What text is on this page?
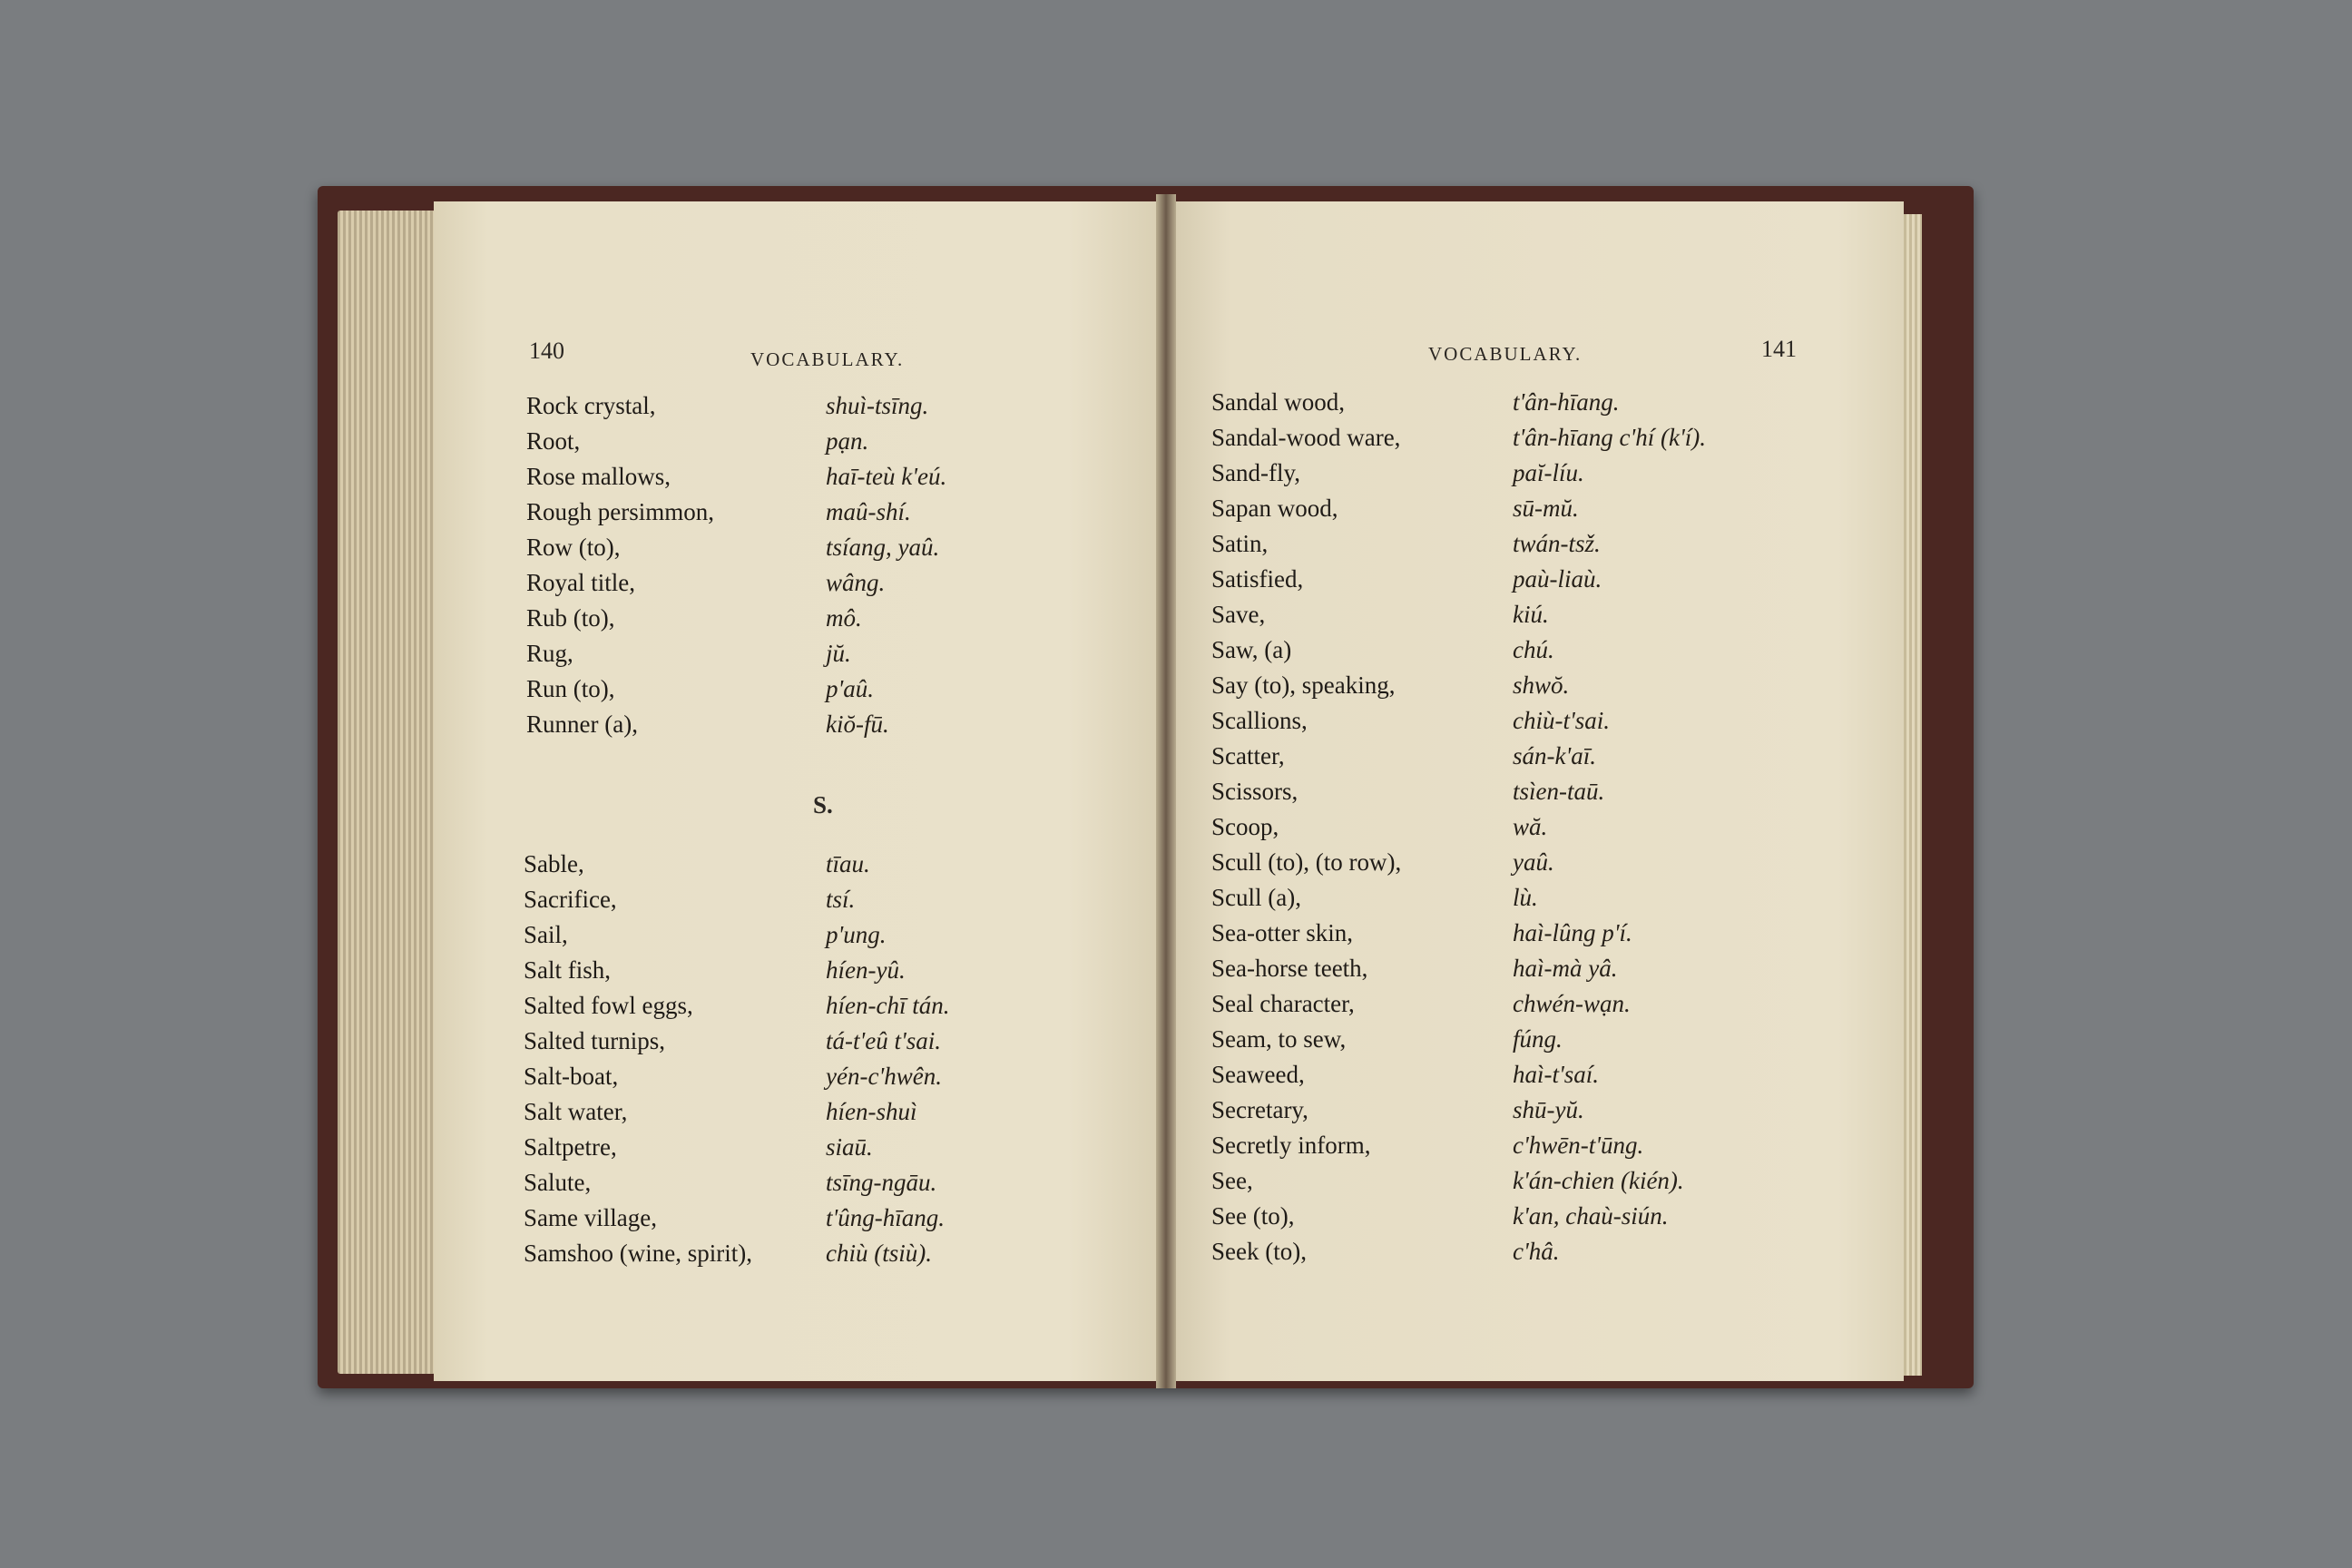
140	VOCABULARY.	VOCABULARY.	141
Rock crystal,	shuì-tsīng.
Root,	pạn.
Rose mallows,	haī-teù k'eú.
Rough persimmon,	maû-shí.
Row (to),	tsíang, yaû.
Royal title,	wâng.
Rub (to),	mô.
Rug,	jŭ.
Run (to),	p'aû.
Runner (a),	kiŏ-fū.
S.
Sable,	tīau.
Sacrifice,	tsí.
Sail,	p'ung.
Salt fish,	híen-yû.
Salted fowl eggs,	híen-chī tán.
Salted turnips,	tá-t'eû t'sai.
Salt-boat,	yén-c'hwên.
Salt water,	híen-shuì
Saltpetre,	siaū.
Salute,	tsīng-ngāu.
Same village,	t'ûng-hīang.
Samshoo (wine, spirit),	chiù (tsiù).
Sandal wood,	t'ân-hīang.
Sandal-wood ware,	t'ân-hīang c'hí (k'í).
Sand-fly,	paĭ-líu.
Sapan wood,	sū-mŭ.
Satin,	twán-tsž.
Satisfied,	paù-liaù.
Save,	kiú.
Saw, (a)	chú.
Say (to), speaking,	shwŏ.
Scallions,	chiù-t'sai.
Scatter,	sán-k'aī.
Scissors,	tsìen-taū.
Scoop,	wă.
Scull (to), (to row),	yaû.
Scull (a),	lù.
Sea-otter skin,	haì-lûng p'í.
Sea-horse teeth,	haì-mà yâ.
Seal character,	chwén-wạn.
Seam, to sew,	fúng.
Seaweed,	haì-t'saí.
Secretary,	shū-yŭ.
Secretly inform,	c'hwēn-t'ūng.
See,	k'án-chien (kién).
See (to),	k'an, chaù-siún.
Seek (to),	c'hâ.
